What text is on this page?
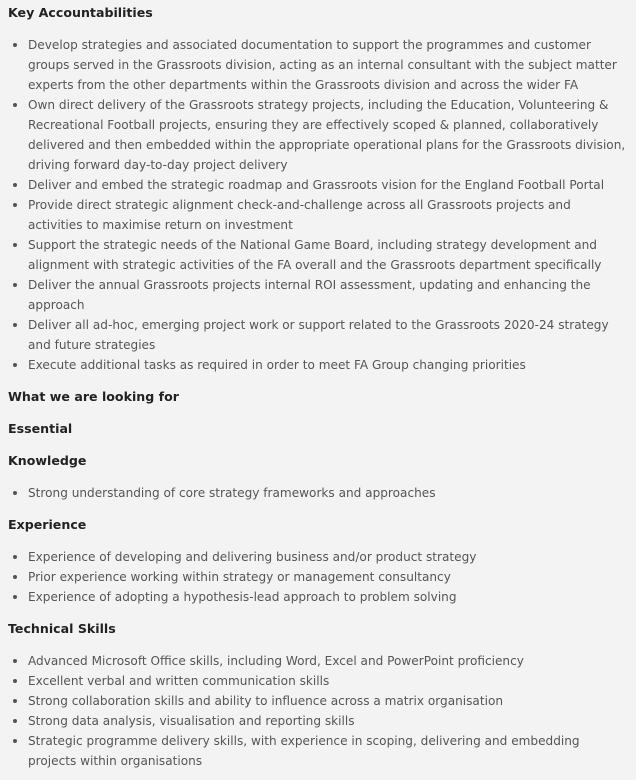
Key Accountabilities
Develop strategies and associated documentation to support the programmes and customer groups served in the Grassroots division, acting as an internal consultant with the subject matter experts from the other departments within the Grassroots division and across the wider FA
Own direct delivery of the Grassroots strategy projects, including the Education, Volunteering & Recreational Football projects, ensuring they are effectively scoped & planned, collaboratively delivered and then embedded within the appropriate operational plans for the Grassroots division, driving forward day-to-day project delivery
Deliver and embed the strategic roadmap and Grassroots vision for the England Football Portal
Provide direct strategic alignment check-and-challenge across all Grassroots projects and activities to maximise return on investment
Support the strategic needs of the National Game Board, including strategy development and alignment with strategic activities of the FA overall and the Grassroots department specifically
Deliver the annual Grassroots projects internal ROI assessment, updating and enhancing the approach
Deliver all ad-hoc, emerging project work or support related to the Grassroots 2020-24 strategy and future strategies
Execute additional tasks as required in order to meet FA Group changing priorities
What we are looking for
Essential
Knowledge
Strong understanding of core strategy frameworks and approaches
Experience
Experience of developing and delivering business and/or product strategy
Prior experience working within strategy or management consultancy
Experience of adopting a hypothesis-lead approach to problem solving
Technical Skills
Advanced Microsoft Office skills, including Word, Excel and PowerPoint proficiency
Excellent verbal and written communication skills
Strong collaboration skills and ability to influence across a matrix organisation
Strong data analysis, visualisation and reporting skills
Strategic programme delivery skills, with experience in scoping, delivering and embedding projects within organisations
